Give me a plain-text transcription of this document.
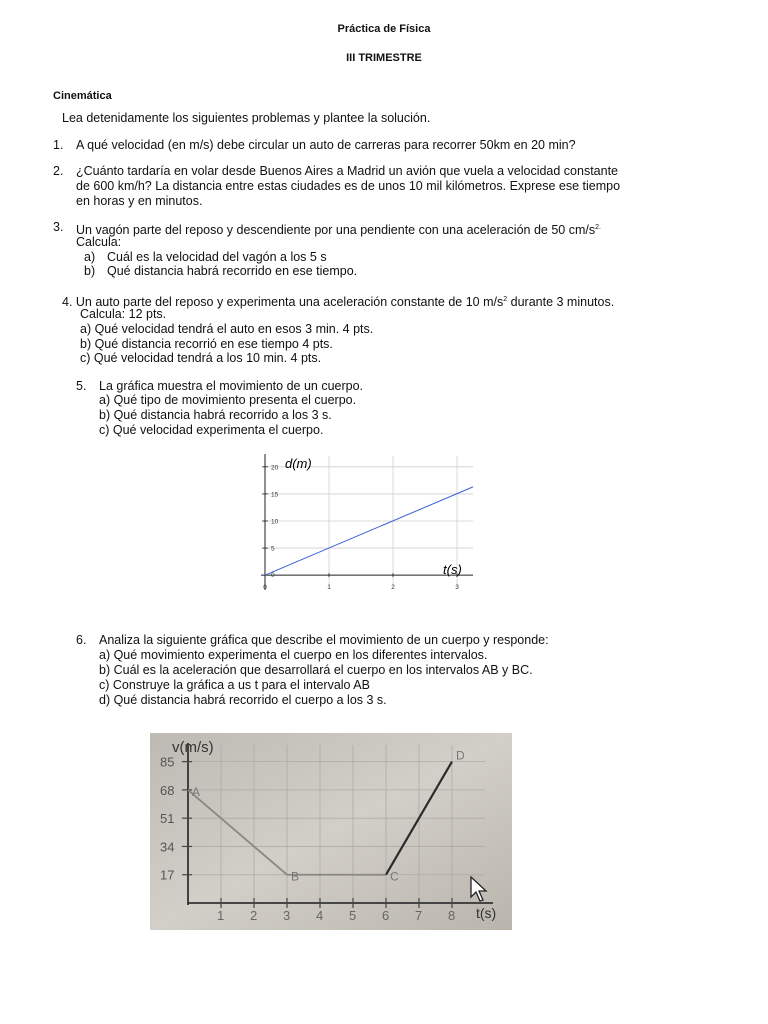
Práctica de Física
III TRIMESTRE
Cinemática
Lea detenidamente los siguientes problemas y plantee la solución.
1. A qué velocidad (en m/s) debe circular un auto de carreras para recorrer 50km en 20 min?
2. ¿Cuánto tardaría en volar desde Buenos Aires a Madrid un avión que vuela a velocidad constante
de 600 km/h? La distancia entre estas ciudades es de unos 10 mil kilómetros. Exprese ese tiempo
en horas y en minutos.
3. Un vagón parte del reposo y descendiente por una pendiente con una aceleración de 50 $cm/s^{2.}$
Calcula:
a) Cuál es la velocidad del vagón a los 5 s
b) Qué distancia habrá recorrido en ese tiempo.
4. Un auto parte del reposo y experimenta una aceleración constante de 10 $m/s^2$ durante 3 minutos.
Calcula: 12 pts.
a) Qué velocidad tendrá el auto en esos 3 min. 4 pts.
b) Qué distancia recorrió en ese tiempo 4 pts.
c) Qué velocidad tendrá a los 10 min. 4 pts.
5. La gráfica muestra el movimiento de un cuerpo.
a) Qué tipo de movimiento presenta el cuerpo.
b) Qué distancia habrá recorrido a los 3 s.
c) Qué velocidad experimenta el cuerpo.
5
10
15
20
0	1	2	3
0
d(m)
t(s)
6. Analiza la siguiente gráfica que describe el movimiento de un cuerpo y responde:
a) Qué movimiento experimenta el cuerpo en los diferentes intervalos.
b) Cuál es la aceleración que desarrollará el cuerpo en los intervalos AB y BC.
c) Construye la gráfica a us t para el intervalo AB
d) Qué distancia habrá recorrido el cuerpo a los 3 s.
17
34
51
68
85
1 2 3 4 5 6 7 8
A
B	C
D
v(m/s)
t(s)
